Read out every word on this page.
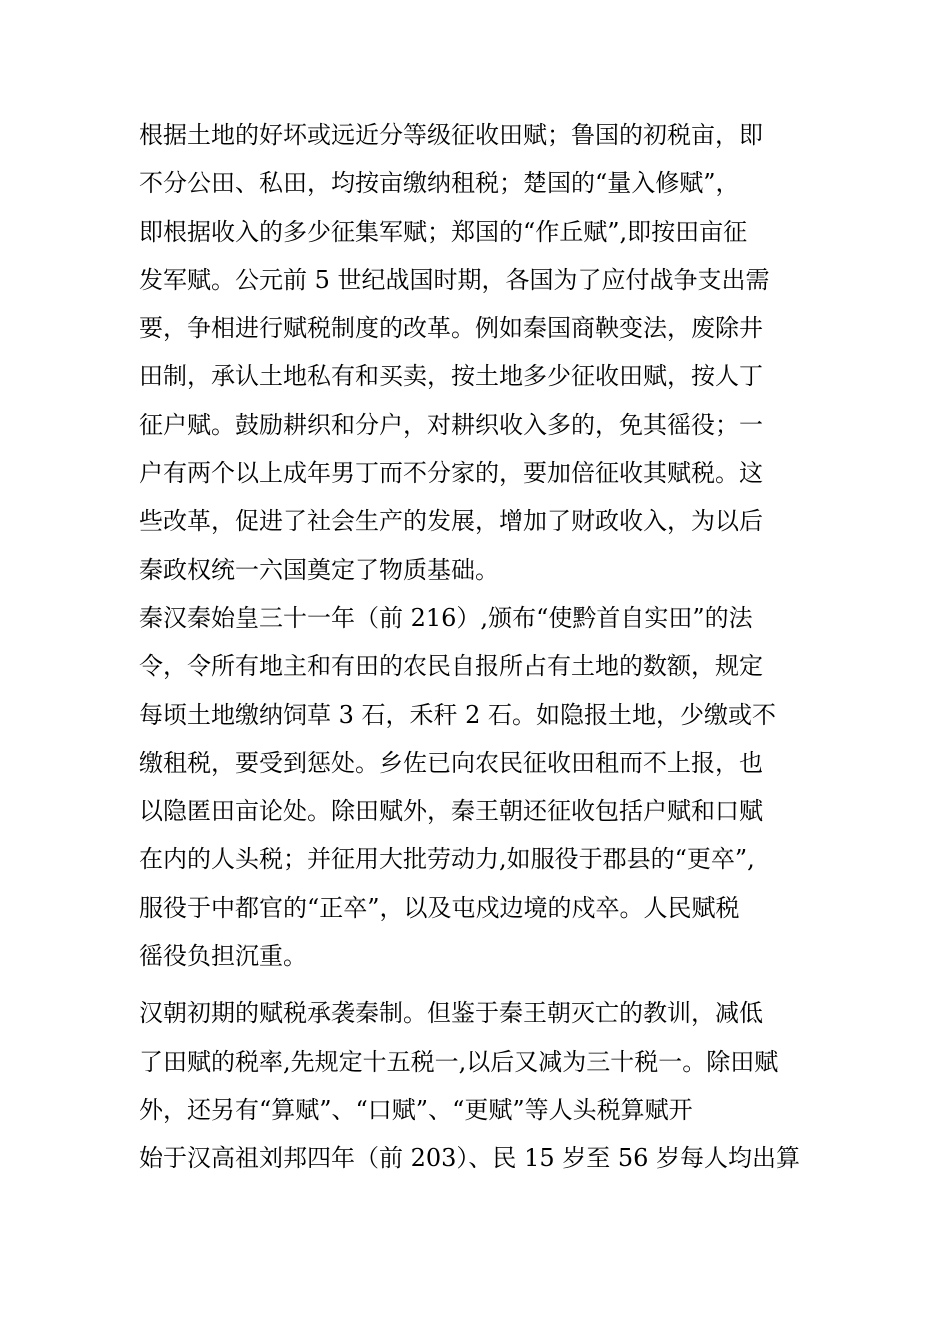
根据土地的好坏或远近分等级征收田赋；鲁国的初税亩，即
不分公田、私田，均按亩缴纳租税；楚国的“量入修赋”，
即根据收入的多少征集军赋；郑国的“作丘赋”,即按田亩征
发军赋。公元前 5 世纪战国时期，各国为了应付战争支出需
要，争相进行赋税制度的改革。例如秦国商鞅变法，废除井
田制，承认土地私有和买卖，按土地多少征收田赋，按人丁
征户赋。鼓励耕织和分户，对耕织收入多的，免其徭役；一
户有两个以上成年男丁而不分家的，要加倍征收其赋税。这
些改革，促进了社会生产的发展，增加了财政收入，为以后
秦政权统一六国奠定了物质基础。
秦汉秦始皇三十一年（前 216）,颁布“使黔首自实田”的法
令，令所有地主和有田的农民自报所占有土地的数额，规定
每顷土地缴纳饲草 3 石，禾秆 2 石。如隐报土地，少缴或不
缴租税，要受到惩处。乡佐已向农民征收田租而不上报，也
以隐匿田亩论处。除田赋外，秦王朝还征收包括户赋和口赋
在内的人头税；并征用大批劳动力,如服役于郡县的“更卒”,
服役于中都官的“正卒”，以及屯戍边境的戍卒。人民赋税
徭役负担沉重。
汉朝初期的赋税承袭秦制。但鉴于秦王朝灭亡的教训，减低
了田赋的税率,先规定十五税一,以后又减为三十税一。除田赋
外，还另有“算赋”、“口赋”、“更赋”等人头税算赋开
始于汉高祖刘邦四年（前 203）、民 15 岁至 56 岁每人均出算
